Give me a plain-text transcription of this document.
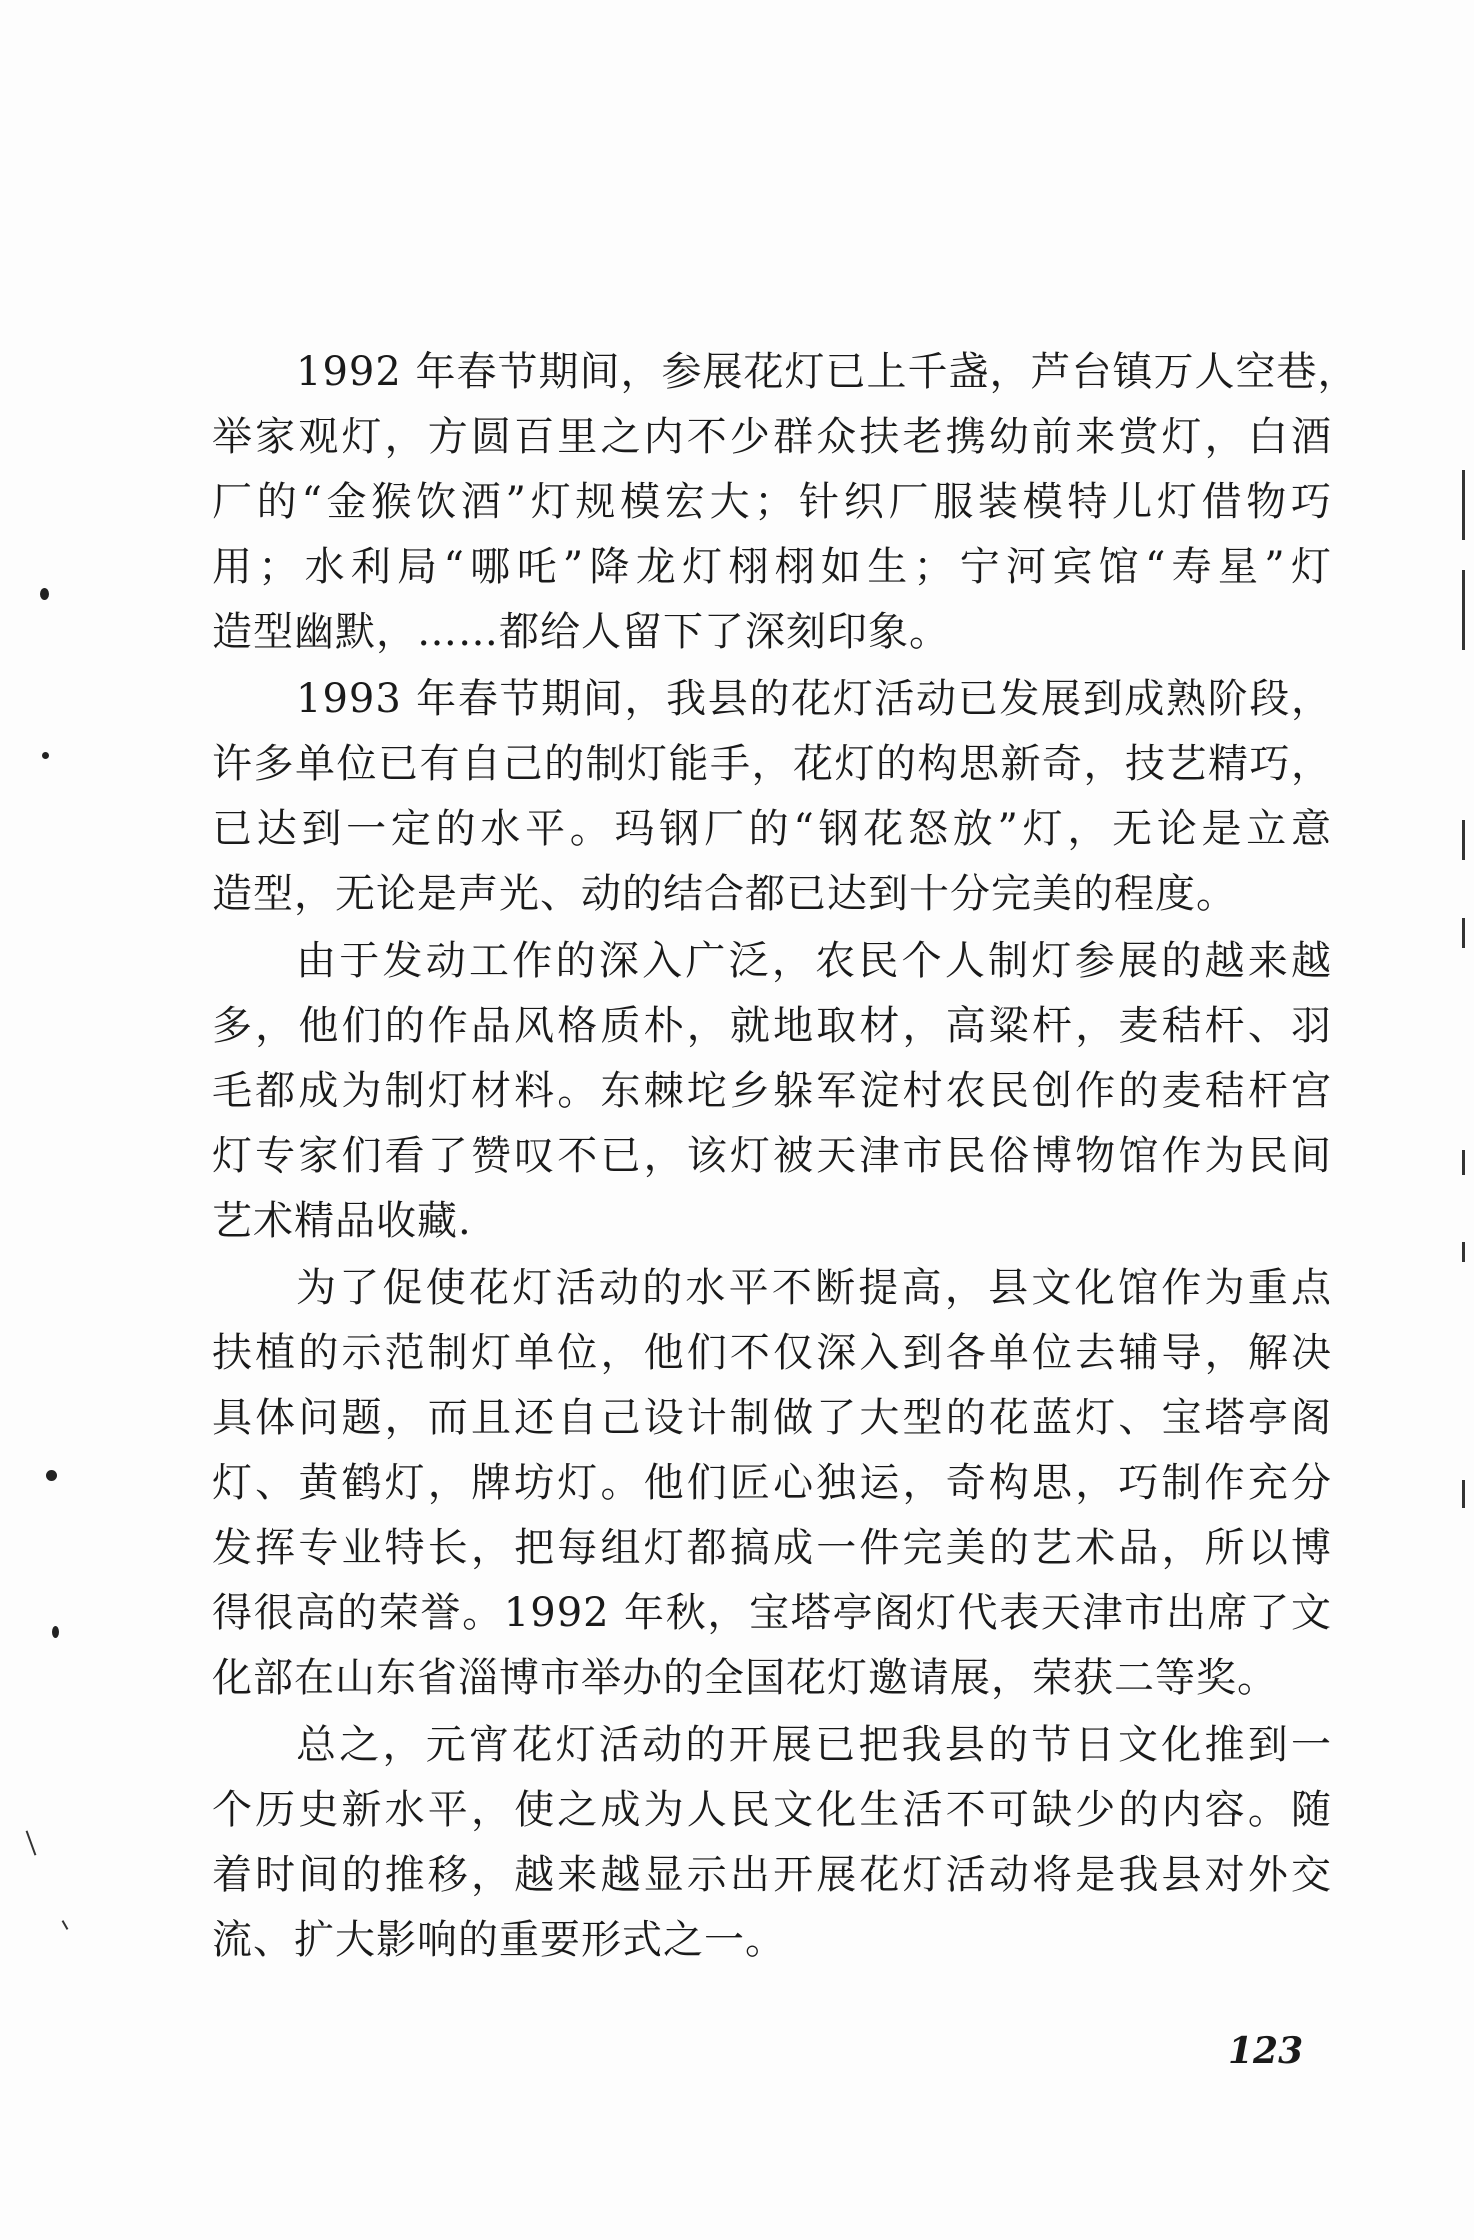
1992 年春节期间，参展花灯已上千盏，芦台镇万人空巷，
举家观灯，方圆百里之内不少群众扶老携幼前来赏灯，白酒
厂的“金猴饮酒”灯规模宏大；针织厂服装模特儿灯借物巧
用；水利局“哪吒”降龙灯栩栩如生；宁河宾馆“寿星”灯
造型幽默，……都给人留下了深刻印象。
1993 年春节期间，我县的花灯活动已发展到成熟阶段，
许多单位已有自己的制灯能手，花灯的构思新奇，技艺精巧，
已达到一定的水平。玛钢厂的“钢花怒放”灯，无论是立意
造型，无论是声光、动的结合都已达到十分完美的程度。
由于发动工作的深入广泛，农民个人制灯参展的越来越
多，他们的作品风格质朴，就地取材，高粱杆，麦秸杆、羽
毛都成为制灯材料。东棘坨乡躲军淀村农民创作的麦秸杆宫
灯专家们看了赞叹不已，该灯被天津市民俗博物馆作为民间
艺术精品收藏.
为了促使花灯活动的水平不断提高，县文化馆作为重点
扶植的示范制灯单位，他们不仅深入到各单位去辅导，解决
具体问题，而且还自己设计制做了大型的花蓝灯、宝塔亭阁
灯、黄鹤灯，牌坊灯。他们匠心独运，奇构思，巧制作充分
发挥专业特长，把每组灯都搞成一件完美的艺术品，所以博
得很高的荣誉。1992 年秋，宝塔亭阁灯代表天津市出席了文
化部在山东省淄博市举办的全国花灯邀请展，荣获二等奖。
总之，元宵花灯活动的开展已把我县的节日文化推到一
个历史新水平，使之成为人民文化生活不可缺少的内容。随
着时间的推移，越来越显示出开展花灯活动将是我县对外交
流、扩大影响的重要形式之一。
123
